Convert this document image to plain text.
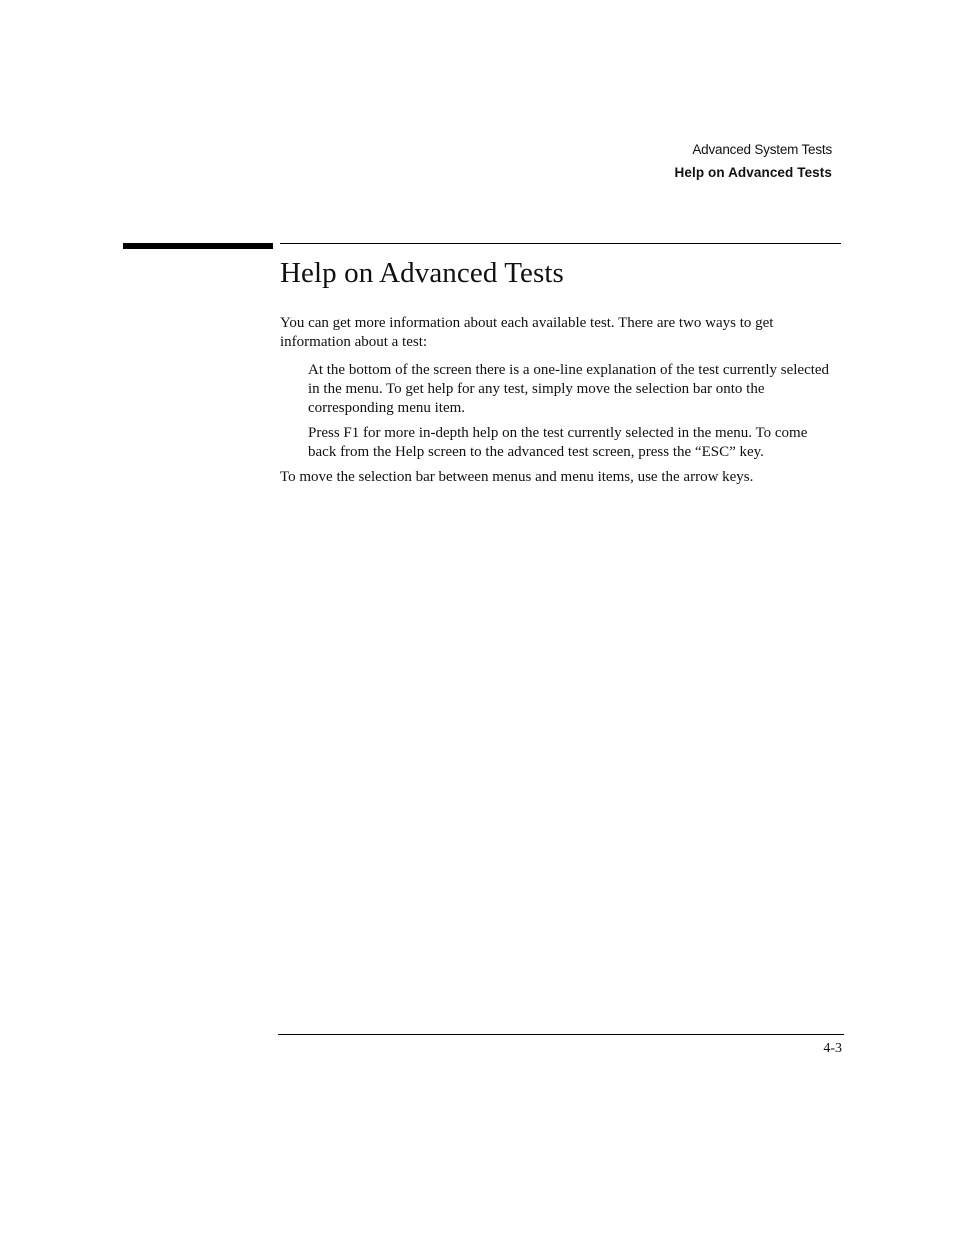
Advanced System Tests
Help on Advanced Tests
Help on Advanced Tests

You can get more information about each available test. There are two ways to get information about a test:

At the bottom of the screen there is a one-line explanation of the test currently selected in the menu. To get help for any test, simply move the selection bar onto the corresponding menu item.

Press F1 for more in-depth help on the test currently selected in the menu. To come back from the Help screen to the advanced test screen, press the “ESC” key.

To move the selection bar between menus and menu items, use the arrow keys.

4-3
